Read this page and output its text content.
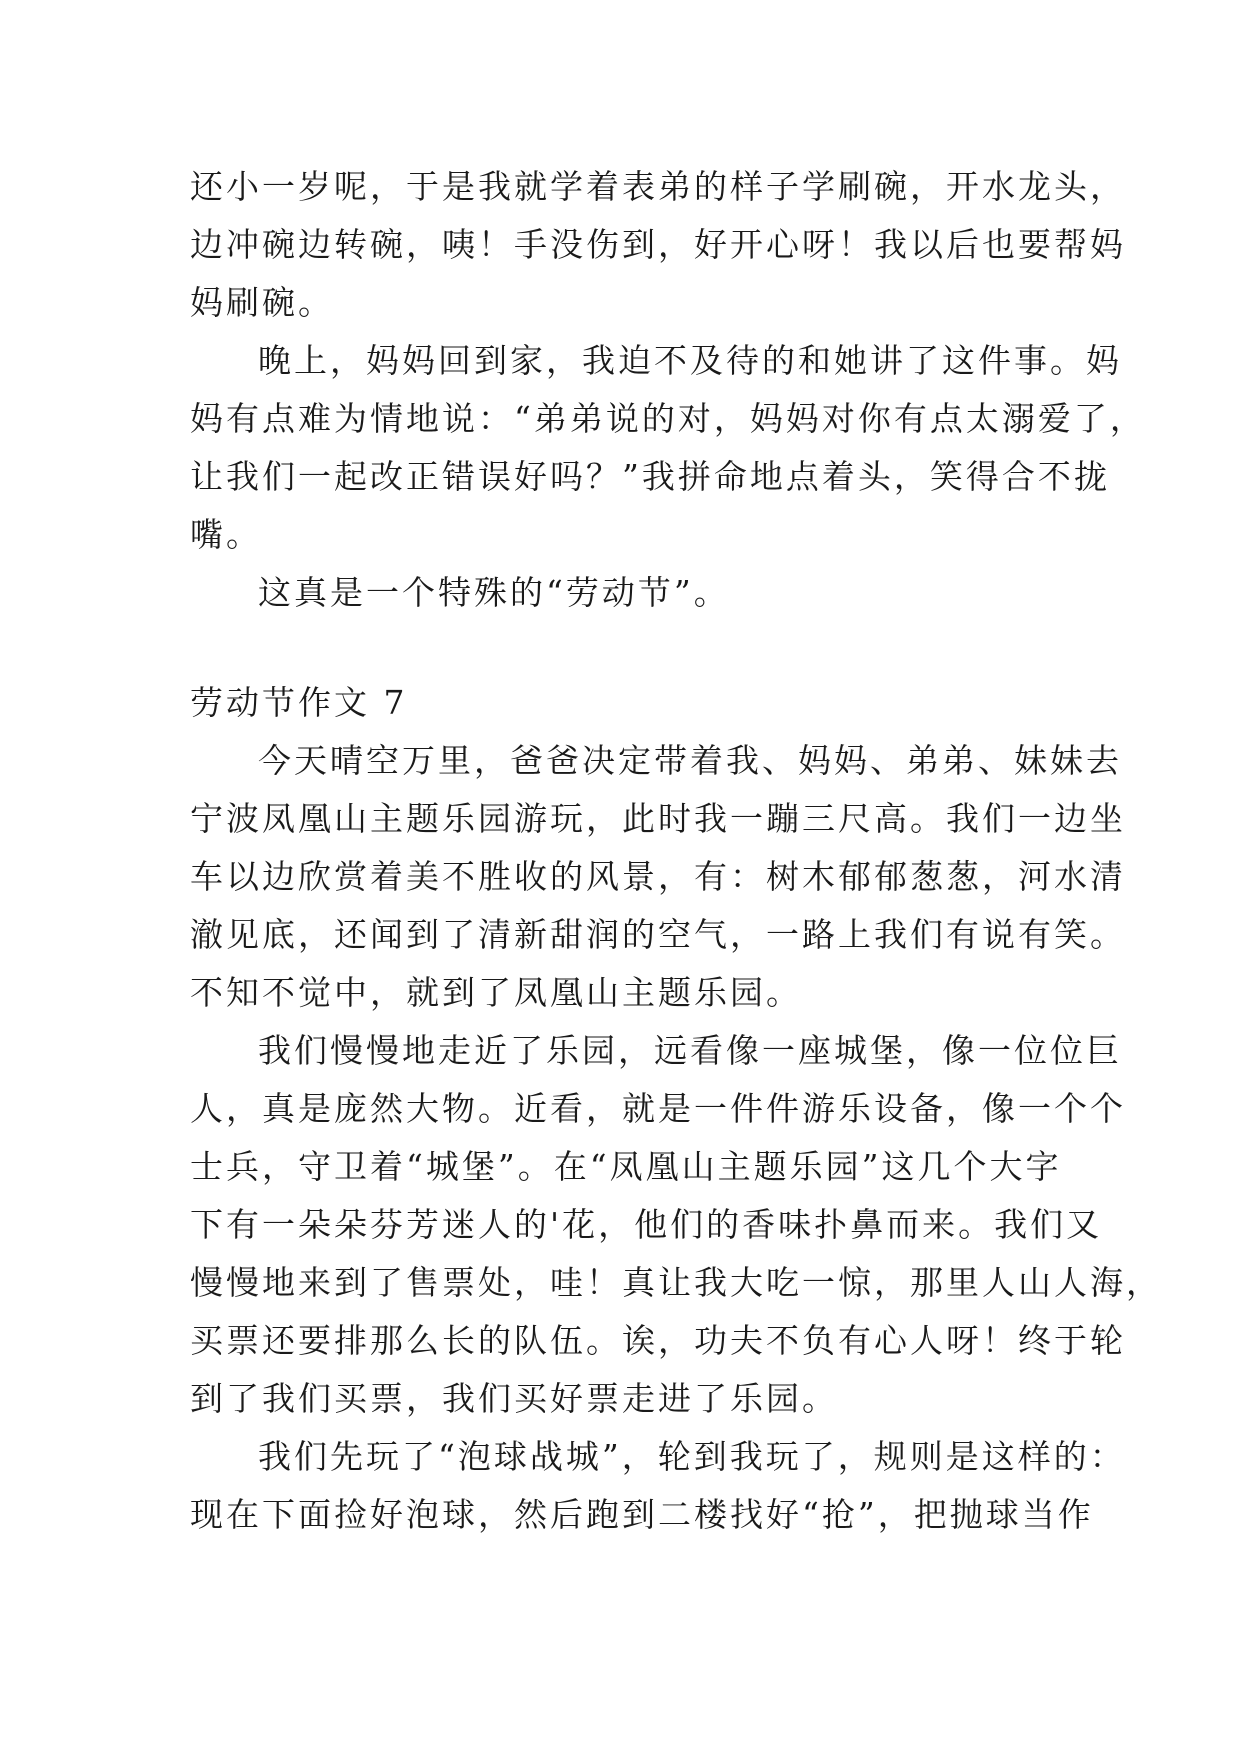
还小一岁呢，于是我就学着表弟的样子学刷碗，开水龙头，
边冲碗边转碗，咦！手没伤到，好开心呀！我以后也要帮妈
妈刷碗。
晚上，妈妈回到家，我迫不及待的和她讲了这件事。妈
妈有点难为情地说：“弟弟说的对，妈妈对你有点太溺爱了，
让我们一起改正错误好吗？”我拼命地点着头，笑得合不拢
嘴。
这真是一个特殊的“劳动节”。
劳动节作文 7
今天晴空万里，爸爸决定带着我、妈妈、弟弟、妹妹去
宁波凤凰山主题乐园游玩，此时我一蹦三尺高。我们一边坐
车以边欣赏着美不胜收的风景，有：树木郁郁葱葱，河水清
澈见底，还闻到了清新甜润的空气，一路上我们有说有笑。
不知不觉中，就到了凤凰山主题乐园。
我们慢慢地走近了乐园，远看像一座城堡，像一位位巨
人，真是庞然大物。近看，就是一件件游乐设备，像一个个
士兵，守卫着“城堡”。在“凤凰山主题乐园”这几个大字
下有一朵朵芬芳迷人的'花，他们的香味扑鼻而来。我们又
慢慢地来到了售票处，哇！真让我大吃一惊，那里人山人海，
买票还要排那么长的队伍。诶，功夫不负有心人呀！终于轮
到了我们买票，我们买好票走进了乐园。
我们先玩了“泡球战城”，轮到我玩了，规则是这样的：
现在下面捡好泡球，然后跑到二楼找好“抢”，把抛球当作
